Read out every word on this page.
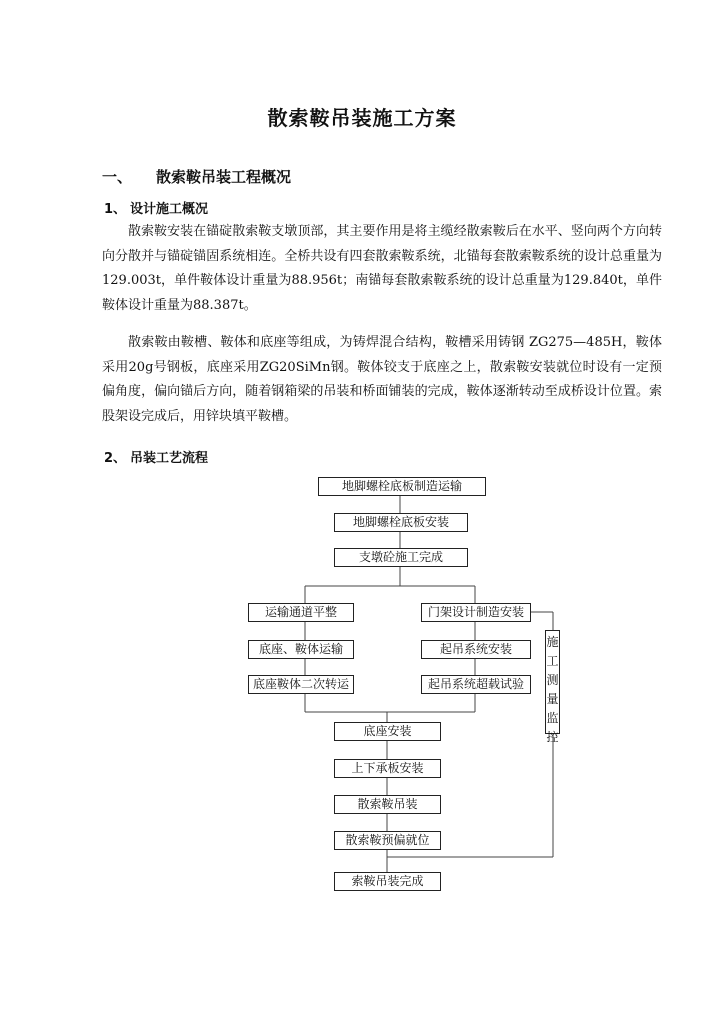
散索鞍吊装施工方案
一、 散索鞍吊装工程概况
1、 设计施工概况
散索鞍安装在锚碇散索鞍支墩顶部，其主要作用是将主缆经散索鞍后在水平、竖向两个方向转向分散并与锚碇锚固系统相连。全桥共设有四套散索鞍系统，北锚每套散索鞍系统的设计总重量为129.003t，单件鞍体设计重量为88.956t；南锚每套散索鞍系统的设计总重量为129.840t，单件鞍体设计重量为88.387t。
散索鞍由鞍槽、鞍体和底座等组成，为铸焊混合结构，鞍槽采用铸钢 ZG275—485H，鞍体采用20g号钢板，底座采用ZG20SiMn钢。鞍体铰支于底座之上，散索鞍安装就位时设有一定预偏角度，偏向锚后方向，随着钢箱梁的吊装和桥面铺装的完成，鞍体逐渐转动至成桥设计位置。索股架设完成后，用锌块填平鞍槽。
2、 吊装工艺流程
地脚螺栓底板制造运输
地脚螺栓底板安装
支墩砼施工完成
运输通道平整
底座、鞍体运输
底座鞍体二次转运
门架设计制造安装
起吊系统安装
起吊系统超载试验
施
工
测
量
监
控
底座安装
上下承板安装
散索鞍吊装
散索鞍预偏就位
索鞍吊装完成
